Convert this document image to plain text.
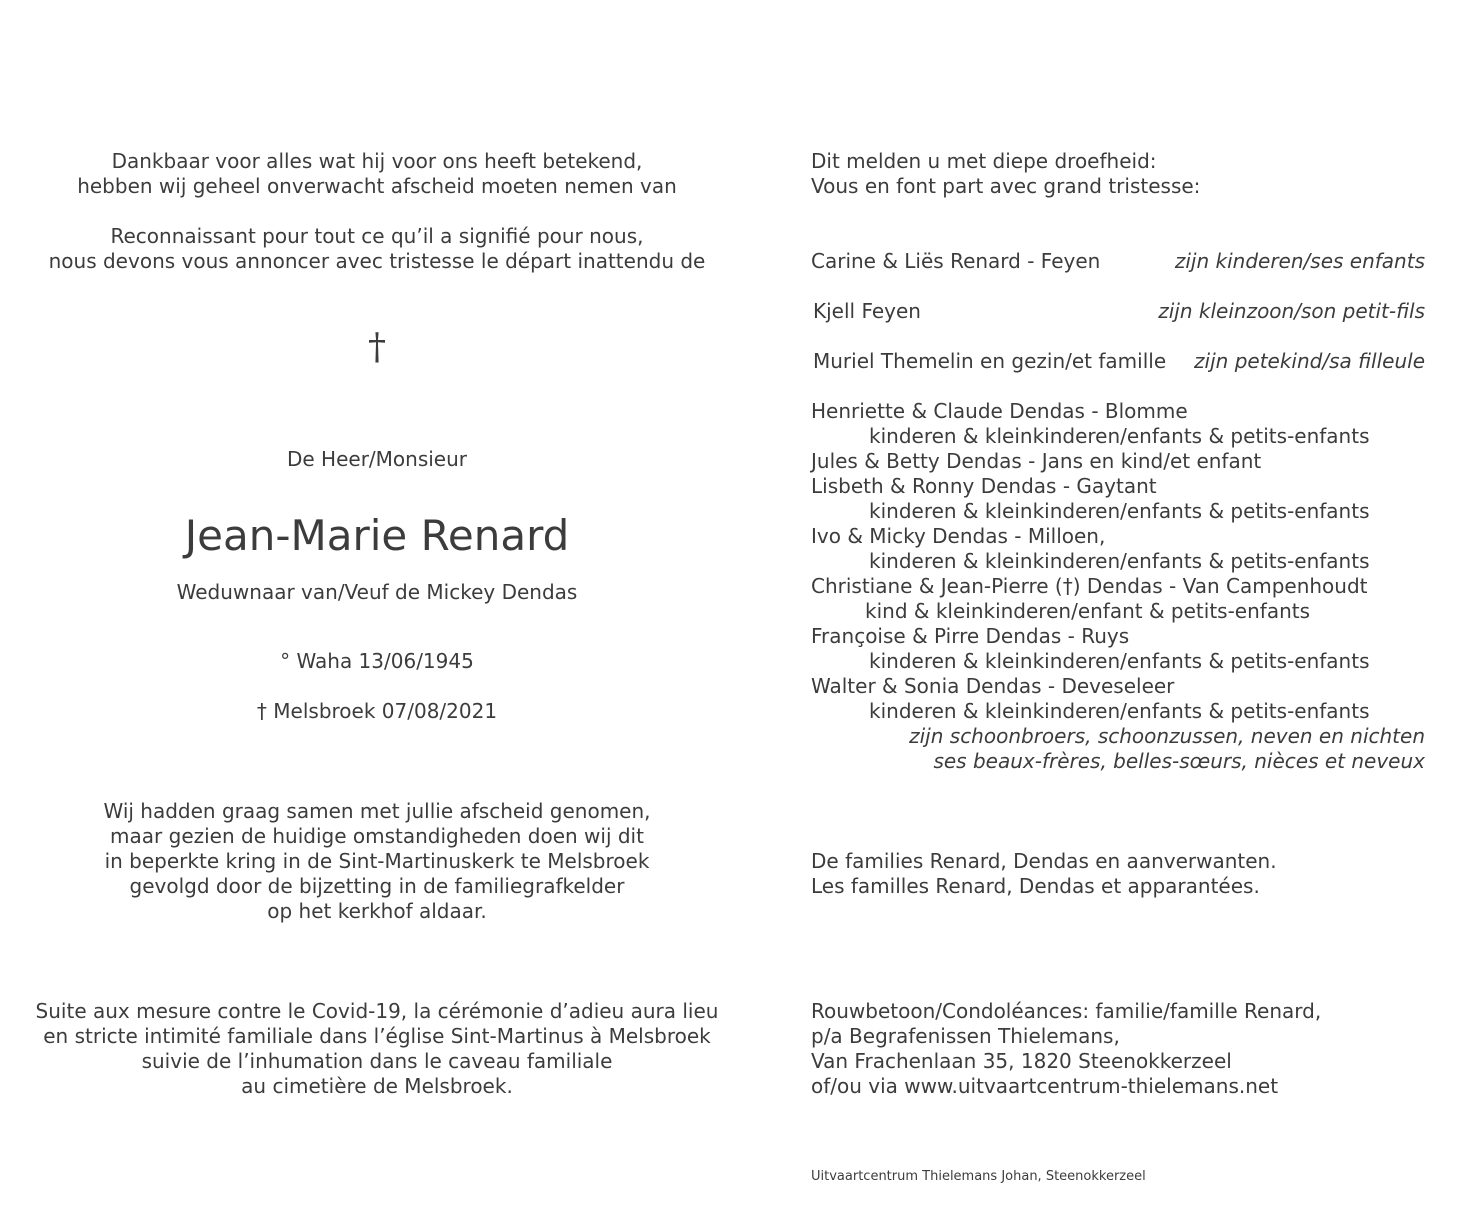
Dankbaar voor alles wat hij voor ons heeft betekend,
hebben wij geheel onverwacht afscheid moeten nemen van
Reconnaissant pour tout ce qu’il a signifié pour nous,
nous devons vous annoncer avec tristesse le départ inattendu de
†
De Heer/Monsieur
Jean-Marie Renard
Weduwnaar van/Veuf de Mickey Dendas
° Waha 13/06/1945
† Melsbroek 07/08/2021
Wij hadden graag samen met jullie afscheid genomen,
maar gezien de huidige omstandigheden doen wij dit
in beperkte kring in de Sint-Martinuskerk te Melsbroek
gevolgd door de bijzetting in de familiegrafkelder
op het kerkhof aldaar.
Suite aux mesure contre le Covid-19, la cérémonie d’adieu aura lieu
en stricte intimité familiale dans l’église Sint-Martinus à Melsbroek
suivie de l’inhumation dans le caveau familiale
au cimetière de Melsbroek.
Dit melden u met diepe droefheid:
Vous en font part avec grand tristesse:
Carine & Liës Renard - Feyen	zijn kinderen/ses enfants
Kjell Feyen	zijn kleinzoon/son petit-fils
Muriel Themelin en gezin/et famille zijn petekind/sa filleule
Henriette & Claude Dendas - Blomme
kinderen & kleinkinderen/enfants & petits-enfants
Jules & Betty Dendas - Jans en kind/et enfant
Lisbeth & Ronny Dendas - Gaytant
kinderen & kleinkinderen/enfants & petits-enfants
Ivo & Micky Dendas - Milloen,
kinderen & kleinkinderen/enfants & petits-enfants
Christiane & Jean-Pierre (†) Dendas - Van Campenhoudt
kind & kleinkinderen/enfant & petits-enfants
Françoise & Pirre Dendas - Ruys
kinderen & kleinkinderen/enfants & petits-enfants
Walter & Sonia Dendas - Deveseleer
kinderen & kleinkinderen/enfants & petits-enfants
zijn schoonbroers, schoonzussen, neven en nichten
ses beaux-frères, belles-sœurs, nièces et neveux
De families Renard, Dendas en aanverwanten.
Les familles Renard, Dendas et apparantées.
Rouwbetoon/Condoléances: familie/famille Renard,
p/a Begrafenissen Thielemans,
Van Frachenlaan 35, 1820 Steenokkerzeel
of/ou via www.uitvaartcentrum-thielemans.net
Uitvaartcentrum Thielemans Johan, Steenokkerzeel
